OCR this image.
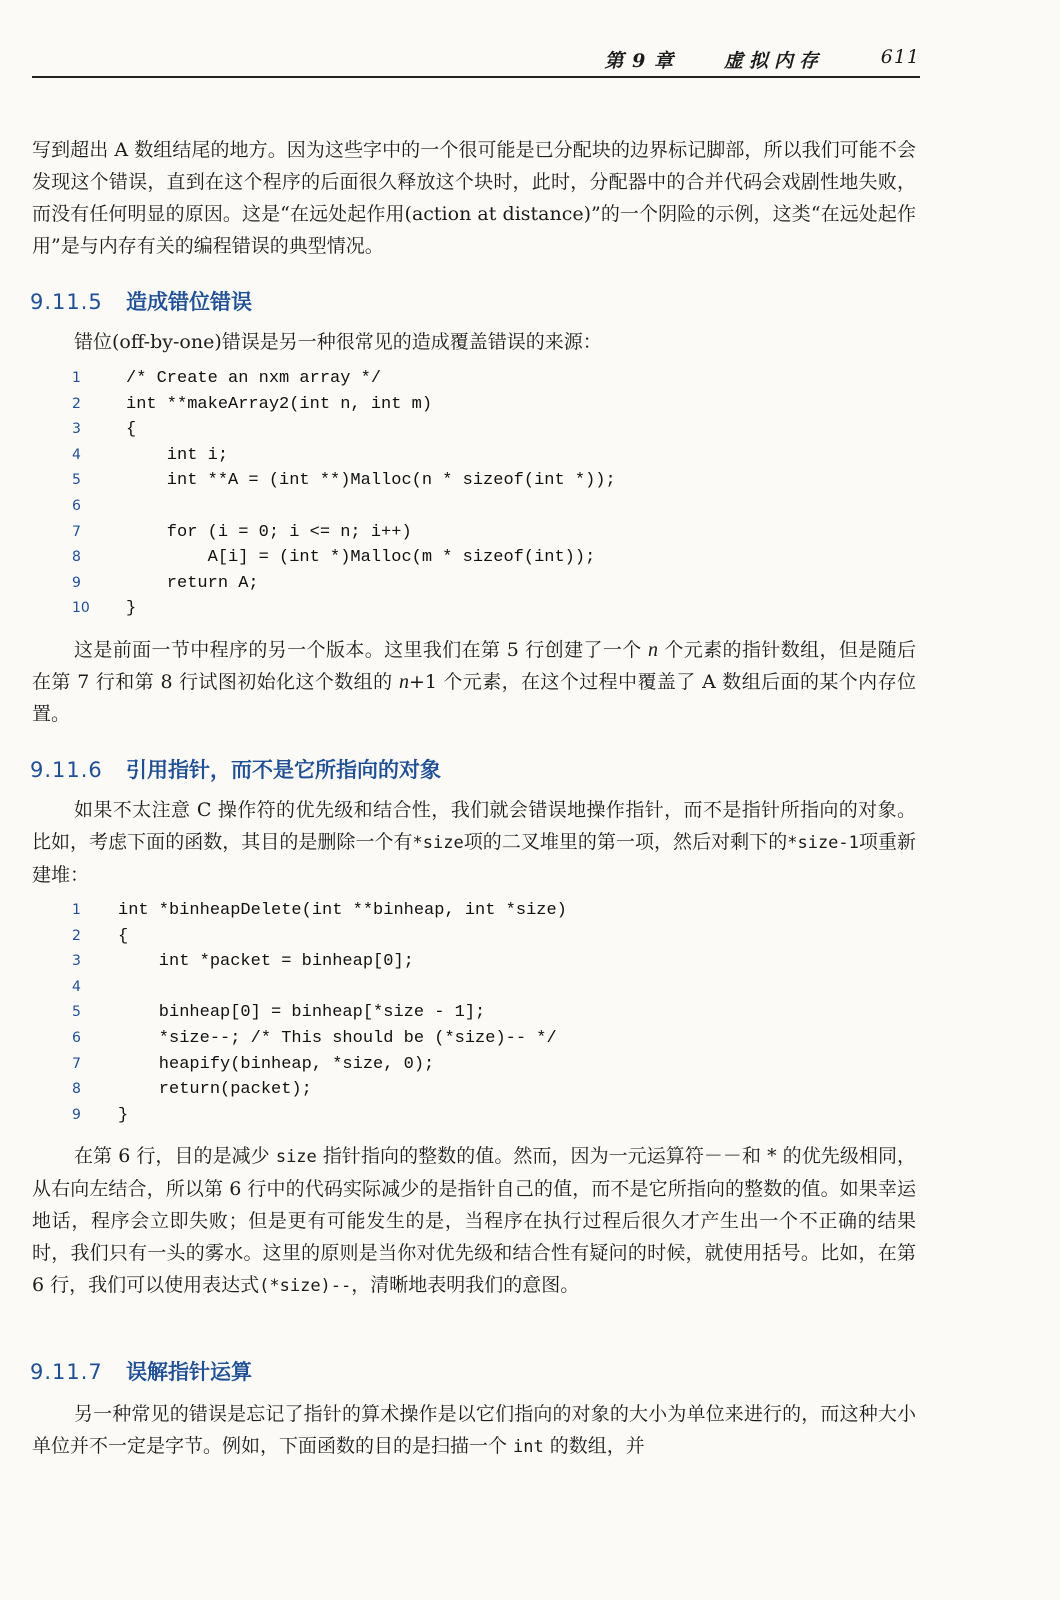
第 9 章	虚拟内存	611

写到超出 A 数组结尾的地方。因为这些字中的一个很可能是已分配块的边界标记脚部，所以我们可能不会发现这个错误，直到在这个程序的后面很久释放这个块时，此时，分配器中的合并代码会戏剧性地失败，而没有任何明显的原因。这是“在远处起作用(action at distance)”的一个阴险的示例，这类“在远处起作用”是与内存有关的编程错误的典型情况。

9.11.5 造成错位错误

错位(off-by-one)错误是另一种很常见的造成覆盖错误的来源：

1	/* Create an nxm array */
2	int **makeArray2(int n, int m)
3	{
4	int i;
5	int **A = (int **)Malloc(n * sizeof(int *));
6
7	for (i = 0; i <= n; i++)
8	A[i] = (int *)Malloc(m * sizeof(int));
9	return A;
10	}

这是前面一节中程序的另一个版本。这里我们在第 5 行创建了一个 n 个元素的指针数组，但是随后在第 7 行和第 8 行试图初始化这个数组的 n+1 个元素，在这个过程中覆盖了 A 数组后面的某个内存位置。

9.11.6 引用指针，而不是它所指向的对象

如果不太注意 C 操作符的优先级和结合性，我们就会错误地操作指针，而不是指针所指向的对象。比如，考虑下面的函数，其目的是删除一个有*size项的二叉堆里的第一项，然后对剩下的*size-1项重新建堆：

1	int *binheapDelete(int **binheap, int *size)
2	{
3	int *packet = binheap[0];
4
5	binheap[0] = binheap[*size - 1];
6	*size--; /* This should be (*size)-- */
7	heapify(binheap, *size, 0);
8	return(packet);
9	}

在第 6 行，目的是减少 size 指针指向的整数的值。然而，因为一元运算符－－和 * 的优先级相同，从右向左结合，所以第 6 行中的代码实际减少的是指针自己的值，而不是它所指向的整数的值。如果幸运地话，程序会立即失败；但是更有可能发生的是，当程序在执行过程后很久才产生出一个不正确的结果时，我们只有一头的雾水。这里的原则是当你对优先级和结合性有疑问的时候，就使用括号。比如，在第 6 行，我们可以使用表达式(*size)--，清晰地表明我们的意图。

9.11.7 误解指针运算

另一种常见的错误是忘记了指针的算术操作是以它们指向的对象的大小为单位来进行的，而这种大小单位并不一定是字节。例如，下面函数的目的是扫描一个 int 的数组，并
